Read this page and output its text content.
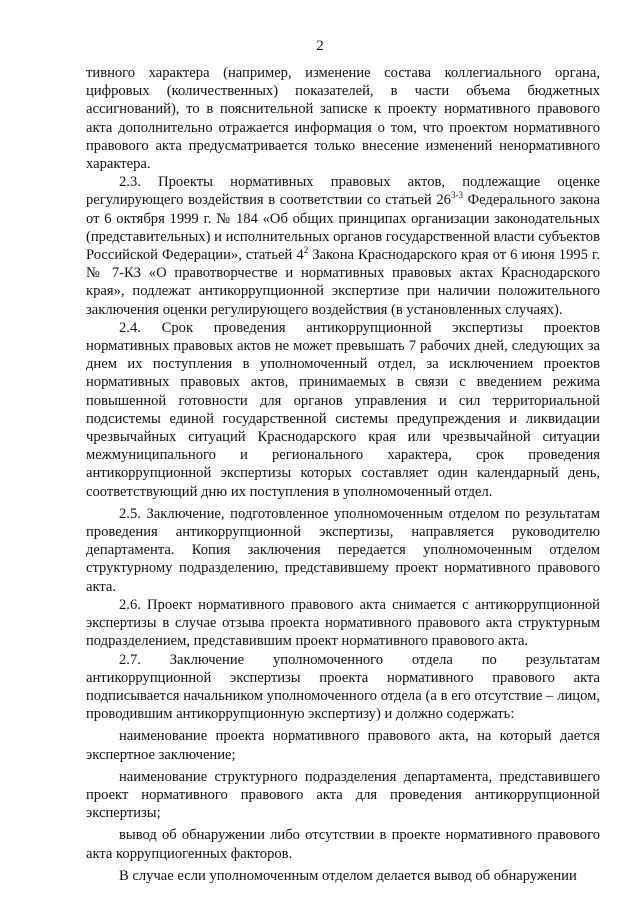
2

тивного характера (например, изменение состава коллегиального органа, цифровых (количественных) показателей, в части объема бюджетных ассигнований), то в пояснительной записке к проекту нормативного правового акта дополнительно отражается информация о том, что проектом нормативного правового акта предусматривается только внесение изменений ненормативного характера.

2.3. Проекты нормативных правовых актов, подлежащие оценке регулирующего воздействия в соответствии со статьей 26$^{3-3}$ Федерального закона от 6 октября 1999 г. № 184 «Об общих принципах организации законодательных (представительных) и исполнительных органов государственной власти субъектов Российской Федерации», статьей $4^2$ Закона Краснодарского края от 6 июня 1995 г. № 7-КЗ «О правотворчестве и нормативных правовых актах Краснодарского края», подлежат антикоррупционной экспертизе при наличии положительного заключения оценки регулирующего воздействия (в установленных случаях).

2.4. Срок проведения антикоррупционной экспертизы проектов нормативных правовых актов не может превышать 7 рабочих дней, следующих за днем их поступления в уполномоченный отдел, за исключением проектов нормативных правовых актов, принимаемых в связи с введением режима повышенной готовности для органов управления и сил территориальной подсистемы единой государственной системы предупреждения и ликвидации чрезвычайных ситуаций Краснодарского края или чрезвычайной ситуации межмуниципального и регионального характера, срок проведения антикоррупционной экспертизы которых составляет один календарный день, соответствующий дню их поступления в уполномоченный отдел.

2.5. Заключение, подготовленное уполномоченным отделом по результатам проведения антикоррупционной экспертизы, направляется руководителю департамента. Копия заключения передается уполномоченным отделом структурному подразделению, представившему проект нормативного правового акта.

2.6. Проект нормативного правового акта снимается с антикоррупционной экспертизы в случае отзыва проекта нормативного правового акта структурным подразделением, представившим проект нормативного правового акта.

2.7. Заключение уполномоченного отдела по результатам антикоррупционной экспертизы проекта нормативного правового акта подписывается начальником уполномоченного отдела (а в его отсутствие – лицом, проводившим антикоррупционную экспертизу) и должно содержать:

наименование проекта нормативного правового акта, на который дается экспертное заключение;

наименование структурного подразделения департамента, представившего проект нормативного правового акта для проведения антикоррупционной экспертизы;

вывод об обнаружении либо отсутствии в проекте нормативного правового акта коррупциогенных факторов.

В случае если уполномоченным отделом делается вывод об обнаружении
